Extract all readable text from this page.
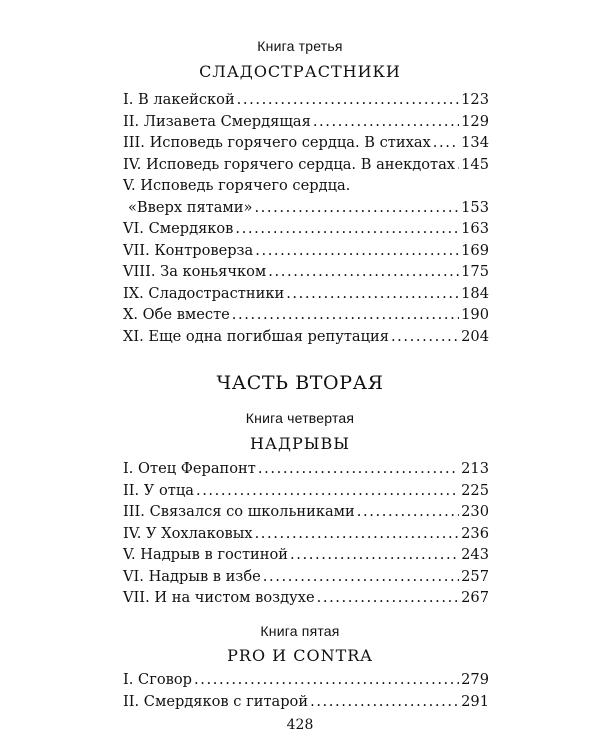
Книга третья
СЛАДОСТРАСТНИКИ
I. В лакейской .....	123
II. Лизавета Смердящая .....	129
III. Исповедь горячего сердца. В стихах ..... 134
IV. Исповедь горячего сердца. В анекдотах ..... 145
V. Исповедь горячего сердца.
«Вверх пятами» .....	153
VI. Смердяков .....	163
VII. Контроверза .....	169
VIII. За коньячком .....	175
IX. Сладострастники .....	184
X. Обе вместе .....	190
XI. Еще одна погибшая репутация .....	204
ЧАСТЬ ВТОРАЯ
Книга четвертая
НАДРЫВЫ
I. Отец Ферапонт .....	213
II. У отца .....	225
III. Связался со школьниками .....	230
IV. У Хохлаковых .....	236
V. Надрыв в гостиной .....	243
VI. Надрыв в избе .....	257
VII. И на чистом воздухе .....	267
Книга пятая
PRO И CONTRA
I. Сговор .....	279
II. Смердяков с гитарой .....	291
428
